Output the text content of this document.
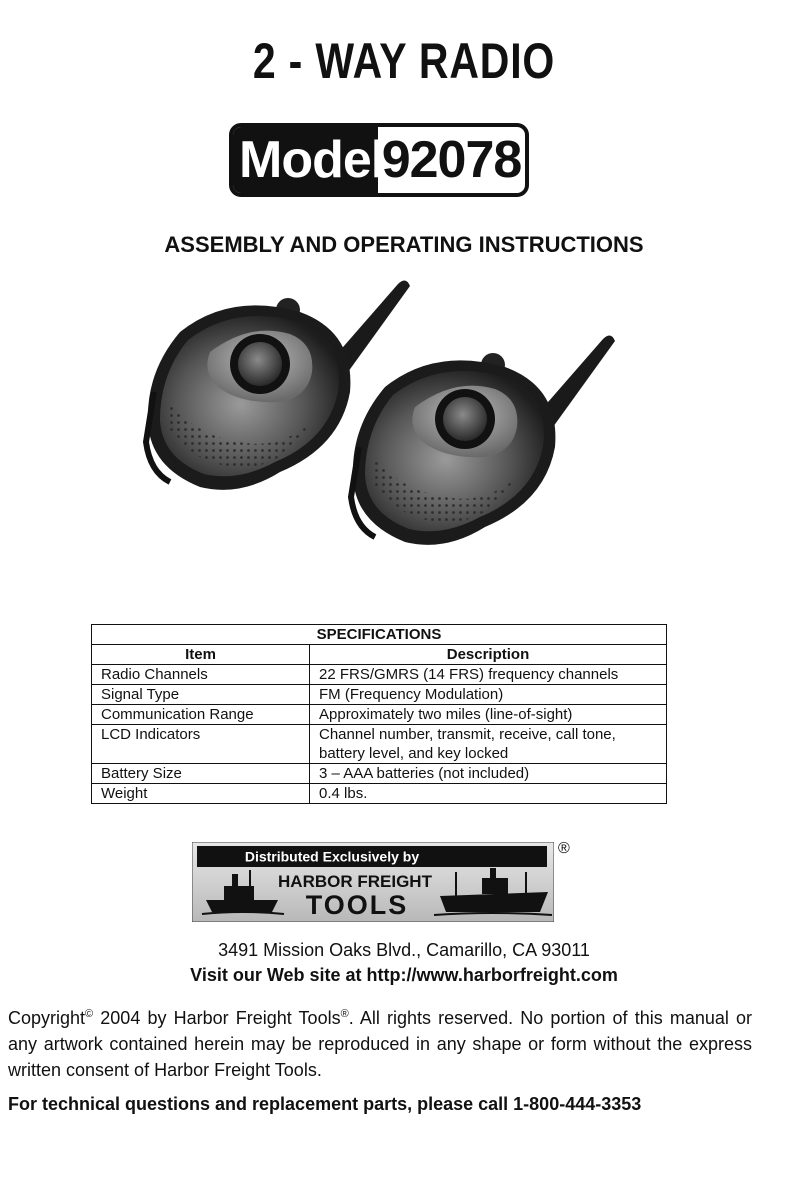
2 - WAY RADIO
Model
92078
ASSEMBLY AND OPERATING INSTRUCTIONS
SPECIFICATIONS	
Item	Description
Radio Channels	22 FRS/GMRS (14 FRS) frequency channels
Signal Type	FM (Frequency Modulation)
Communication Range	Approximately two miles (line-of-sight)
LCD Indicators	Channel number, transmit, receive, call tone,
battery level, and key locked
Battery Size	3 – AAA batteries (not included)
Weight	0.4 lbs.
Distributed Exclusively by
HARBOR FREIGHT
TOOLS
®
3491 Mission Oaks Blvd., Camarillo, CA 93011
Visit our Web site at http://www.harborfreight.com
Copyright© 2004 by Harbor Freight Tools®. All rights reserved. No portion of this manual or any artwork contained herein may be reproduced in any shape or form without the express written consent of Harbor Freight Tools.
For technical questions and replacement parts, please call 1-800-444-3353
